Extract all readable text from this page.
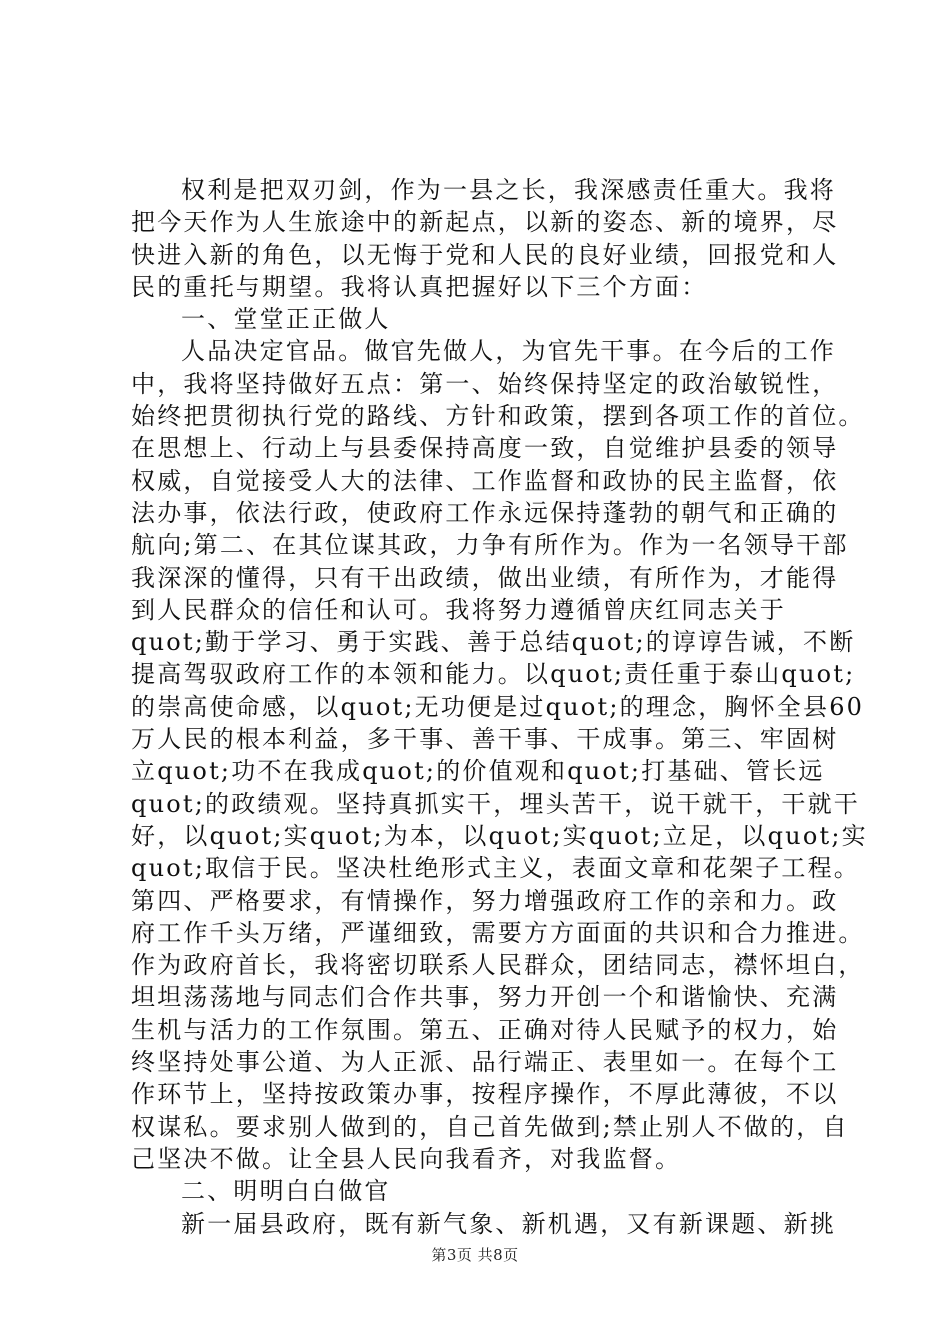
权利是把双刃剑，作为一县之长，我深感责任重大。我将
把今天作为人生旅途中的新起点，以新的姿态、新的境界，尽
快进入新的角色，以无悔于党和人民的良好业绩，回报党和人
民的重托与期望。我将认真把握好以下三个方面：
一、堂堂正正做人
人品决定官品。做官先做人，为官先干事。在今后的工作
中，我将坚持做好五点：第一、始终保持坚定的政治敏锐性，
始终把贯彻执行党的路线、方针和政策，摆到各项工作的首位。
在思想上、行动上与县委保持高度一致，自觉维护县委的领导
权威，自觉接受人大的法律、工作监督和政协的民主监督，依
法办事，依法行政，使政府工作永远保持蓬勃的朝气和正确的
航向;第二、在其位谋其政，力争有所作为。作为一名领导干部
我深深的懂得，只有干出政绩，做出业绩，有所作为，才能得
到人民群众的信任和认可。我将努力遵循曾庆红同志关于
quot;勤于学习、勇于实践、善于总结quot;的谆谆告诫，不断
提高驾驭政府工作的本领和能力。以quot;责任重于泰山quot;
的崇高使命感，以quot;无功便是过quot;的理念，胸怀全县60
万人民的根本利益，多干事、善干事、干成事。第三、牢固树
立quot;功不在我成quot;的价值观和quot;打基础、管长远
quot;的政绩观。坚持真抓实干，埋头苦干，说干就干，干就干
好，以quot;实quot;为本，以quot;实quot;立足，以quot;实
quot;取信于民。坚决杜绝形式主义，表面文章和花架子工程。
第四、严格要求，有情操作，努力增强政府工作的亲和力。政
府工作千头万绪，严谨细致，需要方方面面的共识和合力推进。
作为政府首长，我将密切联系人民群众，团结同志，襟怀坦白，
坦坦荡荡地与同志们合作共事，努力开创一个和谐愉快、充满
生机与活力的工作氛围。第五、正确对待人民赋予的权力，始
终坚持处事公道、为人正派、品行端正、表里如一。在每个工
作环节上，坚持按政策办事，按程序操作，不厚此薄彼，不以
权谋私。要求别人做到的，自己首先做到;禁止别人不做的，自
己坚决不做。让全县人民向我看齐，对我监督。
二、明明白白做官
新一届县政府，既有新气象、新机遇，又有新课题、新挑
第3页 共8页
